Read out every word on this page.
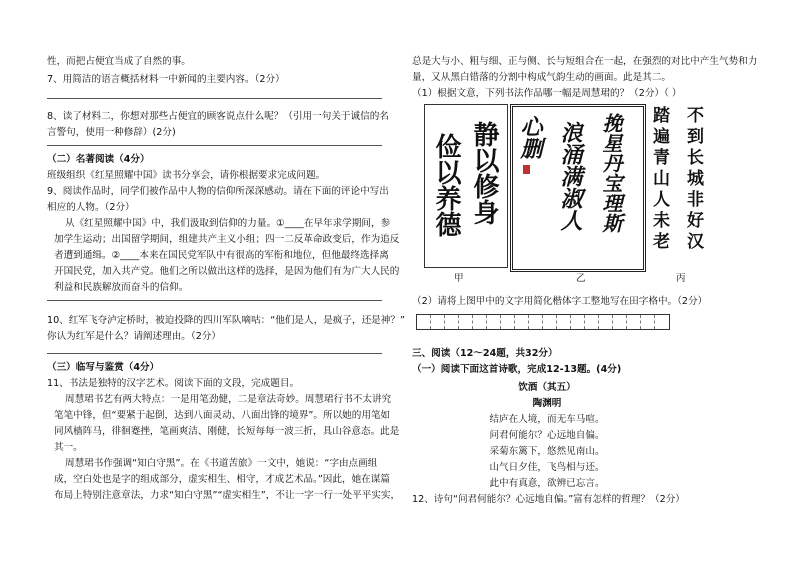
性，而把占便宜当成了自然的事。
7、用简洁的语言概括材料一中新闻的主要内容。（2分）
8、读了材料二，你想对那些占便宜的顾客说点什么呢？（引用一句关于诚信的名
言警句，使用一种修辞）(2分)
（二）名著阅读（4分）
班级组织《红星照耀中国》读书分享会，请你根据要求完成问题。
9、阅读作品时，同学们被作品中人物的信仰所深深感动。请在下面的评论中写出
相应的人物。（2分）
从《红星照耀中国》中，我们汲取到信仰的力量。①____在早年求学期间，参
加学生运动；出国留学期间，组建共产主义小组；四一二反革命政变后，作为追反
者遭到通缉。②____本来在国民党军队中有很高的军衔和地位，但他最终选择离
开国民党，加入共产党。他们之所以做出这样的选择，是因为他们有为广大人民的
利益和民族解放而奋斗的信仰。
10、红军飞夺泸定桥时，被迫投降的四川军队嘀咕：“他们是人，是疯子，还是神？”
你认为红军是什么？请阐述理由。（2分）
（三）临写与鉴赏（4分）
11、书法是独特的汉字艺术。阅读下面的文段，完成题目。
周慧珺书艺有两大特点：一是用笔劲健，二是章法奇妙。周慧珺行书不太讲究
笔笔中锋，但“要紧于起倒，达到八面灵动、八面出锋的境界”。所以她的用笔如
同风樯阵马，徘徊蹇挫，笔画爽洁、刚健，长短每每一波三折，具山谷意态。此是
其一。
周慧珺书作强调“知白守黑”。在《书道苦旅》一文中，她说：“字由点画组
成，空白处也是字的组成部分，虚实相生、相守，才成艺术品。”因此，她在谋篇
布局上特别注意章法，力求“知白守黑”“虚实相生”，不让一字一行一处平平实实，
总是大与小、粗与细、正与侧、长与短组合在一起，在强烈的对比中产生气势和力
量，又从黑白错落的分割中构成气韵生动的画面。此是其二。
（1）根据文意，下列书法作品哪一幅是周慧珺的？（2分）（ ）
静以修身
俭以养德	挽星丹宝理斯
浪涌满淑人
心删	不到长城非好汉
踏遍青山人未老
甲	乙	丙
（2）请将上图甲中的文字用简化楷体字工整地写在田字格中。（2分）
三、阅读（12～24题，共32分）
（一）阅读下面这首诗歌，完成12-13题。(4分)
饮酒（其五）
陶渊明
结庐在人境，而无车马喧。
问君何能尔？心远地自偏。
采菊东篱下，悠然见南山。
山气日夕佳，飞鸟相与还。
此中有真意，欲辨已忘言。
12、诗句“问君何能尔？心远地自偏。”富有怎样的哲理？（2分）
